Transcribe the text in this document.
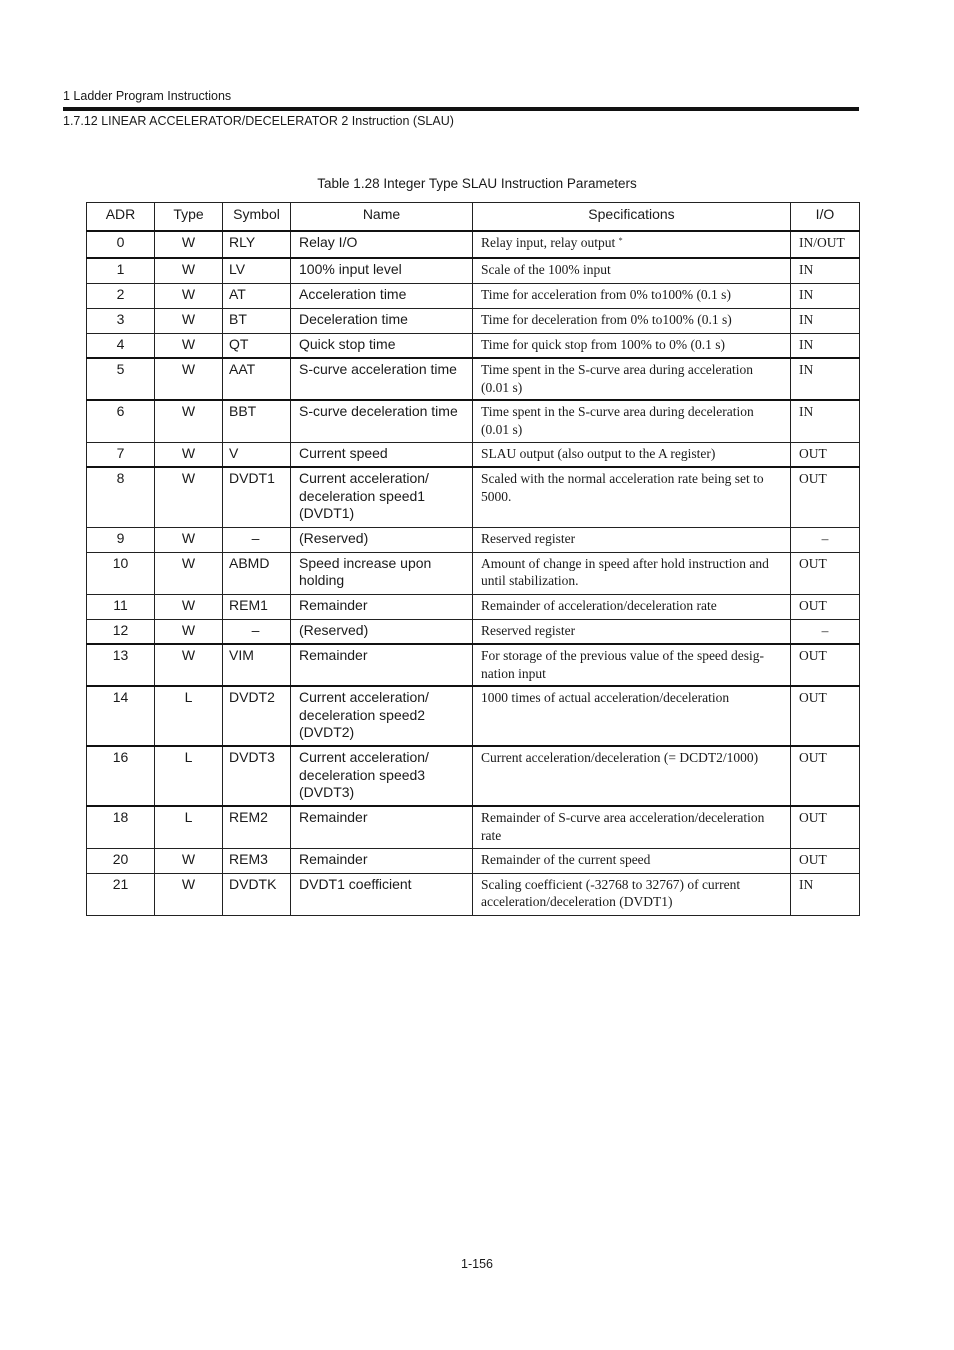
1 Ladder Program Instructions
1.7.12 LINEAR ACCELERATOR/DECELERATOR 2 Instruction (SLAU)
Table 1.28 Integer Type SLAU Instruction Parameters
ADR	Type	Symbol	Name	Specifications	I/O
0	W	RLY	Relay I/O	Relay input, relay output *	IN/OUT
1	W	LV	100% input level	Scale of the 100% input	IN
2	W	AT	Acceleration time	Time for acceleration from 0% to100% (0.1 s)	IN
3	W	BT	Deceleration time	Time for deceleration from 0% to100% (0.1 s)	IN
4	W	QT	Quick stop time	Time for quick stop from 100% to 0% (0.1 s)	IN
5	W	AAT	S-curve acceleration time	Time spent in the S-curve area during acceleration (0.01 s)	IN
6	W	BBT	S-curve deceleration time	Time spent in the S-curve area during deceleration (0.01 s)	IN
7	W	V	Current speed	SLAU output (also output to the A register)	OUT
8	W	DVDT1	Current acceleration/ deceleration speed1 (DVDT1)	Scaled with the normal acceleration rate being set to 5000.	OUT
9	W	–	(Reserved)	Reserved register	–
10	W	ABMD	Speed increase upon holding	Amount of change in speed after hold instruction and until stabilization.	OUT
11	W	REM1	Remainder	Remainder of acceleration/deceleration rate	OUT
12	W	–	(Reserved)	Reserved register	–
13	W	VIM	Remainder	For storage of the previous value of the speed desig- nation input	OUT
14	L	DVDT2	Current acceleration/ deceleration speed2 (DVDT2)	1000 times of actual acceleration/deceleration	OUT
16	L	DVDT3	Current acceleration/ deceleration speed3 (DVDT3)	Current acceleration/deceleration (= DCDT2/1000)	OUT
18	L	REM2	Remainder	Remainder of S-curve area acceleration/deceleration rate	OUT
20	W	REM3	Remainder	Remainder of the current speed	OUT
21	W	DVDTK	DVDT1 coefficient	Scaling coefficient (-32768 to 32767) of current acceleration/deceleration (DVDT1)	IN
1-156
